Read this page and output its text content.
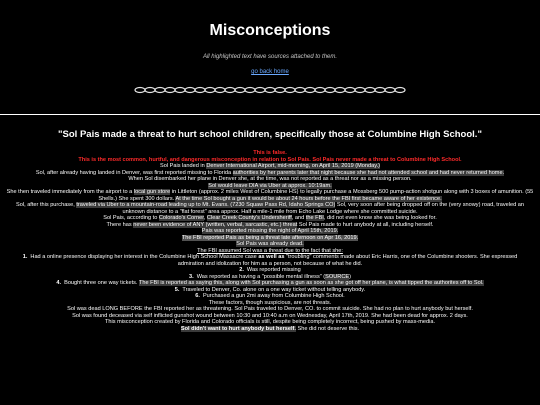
Misconceptions

All highlighted text have sources attached to them.

go back home
"Sol Pais made a threat to hurt school children, specifically those at Columbine High School."

This is false.

This is the most common, hurtful, and dangerous misconception in relation to Sol Pais. Sol Pais never made a threat to Columbine High School.

Sol Pais landed in Denver International Airport, mid-morning, on April 15, 2019 (Monday.)

Sol, after already having landed in Denver, was first reported missing to Florida authorities by her parents later that night because she had not attended school and had never returned home.

When Sol disembarked her plane in Denver she, at the time, was not reported as a threat nor as a missing person.

Sol would leave DIA via Uber at approx. 10:19am.

She then traveled immediately from the airport to a local gun store in Littleton (approx. 2 miles West of Columbine HS) to legally purchase a Mossberg 500 pump-action shotgun along with 3 boxes of amunition. (55 Shells.) She spent 300 dollars. At the time Sol bought a gun it would be about 24 hours before the FBI first became aware of her existence.

Sol, after this purchase, traveled via Uber to a mountain-road leading up to Mt. Evans. (7230 Squaw Pass Rd, Idaho Springs CO) Sol, very soon after being dropped off on the (very snowy) road, traveled an unknown distance to a "flat forest" area approx. Half a mile-1 mile from Echo Lake Lodge where she committed suicide.

Sol Pais, according to Colorado's Corner, Clear Creek County's Undersheriff, and the FBI, did not even know she was being looked for.

There has never been evidence of ANY (written, verbal, sarcastic, etc.) threat Sol Pais made to hurt anybody at all, including herself.

Pais was reported missing the night of April 15th, 2019.

The FBI reported Pais as being a threat late afternoon on Apr 16, 2019.

Sol Pais was already dead.

The FBI assumed Sol was a threat due to the fact that she:

1. Had a online presence displaying her interest in the Columbine High School Massacre case as well as "troubling" comments made about Eric Harris, one of the Columbine shooters. She expressed admiration and idolization for him as a person, not because of what he did.

2. Was reported missing

3. Was reported as having a "possible mental illness" (SOURCE)

4. Bought three one way tickets. The FBI is reported as saying this, along with Sol purchasing a gun as soon as she got off her plane, is what tipped the authorites off to Sol.

5. Traveled to Denver, Co. alone on a one way ticket without telling anybody.

6. Purchased a gun 2mi away from Columbine High School.

These factors, though suspicious, are not threats.

Sol was dead LONG BEFORE the FBI reported her as threatening. Sol Pais traveled to Denver, CO. to commit suicide. She had no plan to hurt anybody but herself.

Sol was found deceased via self inflicted gunshot wound between 10:30 and 10:40 a.m on Wednesday, April 17th, 2019. She had been dead for approx. 2 days.

This misconception created by Florida and Colorado officials is still, despite being completely incorrect, being pushed by mass-media.

Sol didn't want to hurt anybody but herself. She did not deserve this.
